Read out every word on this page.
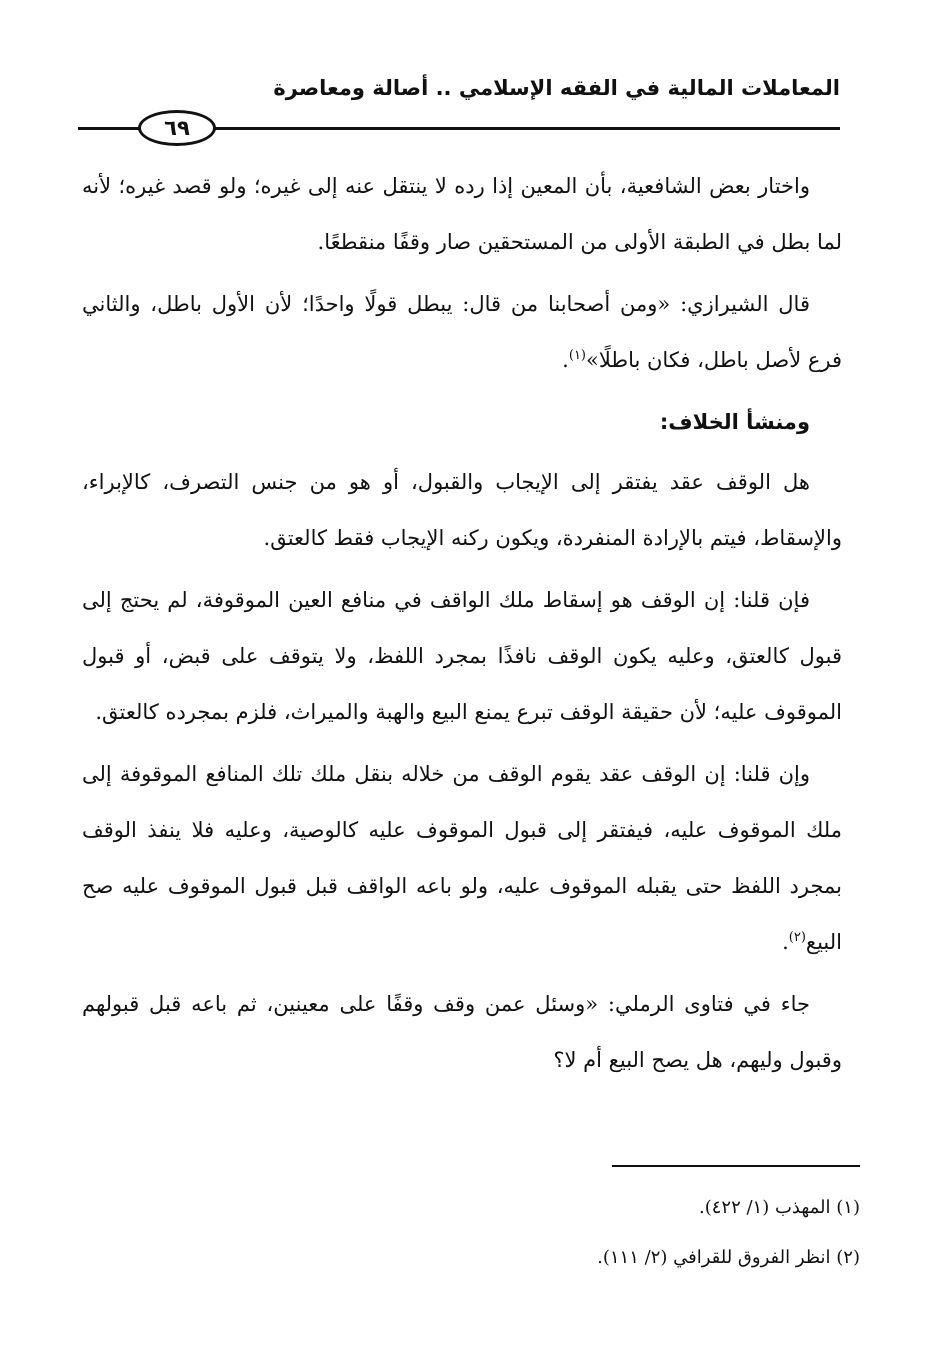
المعاملات المالية في الفقه الإسلامي .. أصالة ومعاصرة
٦٩

واختار بعض الشافعية، بأن المعين إذا رده لا ينتقل عنه إلى غيره؛ ولو قصد غيره؛ لأنه لما بطل في الطبقة الأولى من المستحقين صار وقفًا منقطعًا.

قال الشيرازي: «ومن أصحابنا من قال: يبطل قولًا واحدًا؛ لأن الأول باطل، والثاني فرع لأصل باطل، فكان باطلًا»$^{(١)}$.

ومنشأ الخلاف:

هل الوقف عقد يفتقر إلى الإيجاب والقبول، أو هو من جنس التصرف، كالإبراء، والإسقاط، فيتم بالإرادة المنفردة، ويكون ركنه الإيجاب فقط كالعتق.

فإن قلنا: إن الوقف هو إسقاط ملك الواقف في منافع العين الموقوفة، لم يحتج إلى قبول كالعتق، وعليه يكون الوقف نافذًا بمجرد اللفظ، ولا يتوقف على قبض، أو قبول الموقوف عليه؛ لأن حقيقة الوقف تبرع يمنع البيع والهبة والميراث، فلزم بمجرده كالعتق.

وإن قلنا: إن الوقف عقد يقوم الوقف من خلاله بنقل ملك تلك المنافع الموقوفة إلى ملك الموقوف عليه، فيفتقر إلى قبول الموقوف عليه كالوصية، وعليه فلا ينفذ الوقف بمجرد اللفظ حتى يقبله الموقوف عليه، ولو باعه الواقف قبل قبول الموقوف عليه صح البيع$^{(٢)}$.

جاء في فتاوى الرملي: «وسئل عمن وقف وقفًا على معينين، ثم باعه قبل قبولهم وقبول وليهم، هل يصح البيع أم لا؟

(١) المهذب (١/ ٤٢٢).
(٢) انظر الفروق للقرافي (٢/ ١١١).
